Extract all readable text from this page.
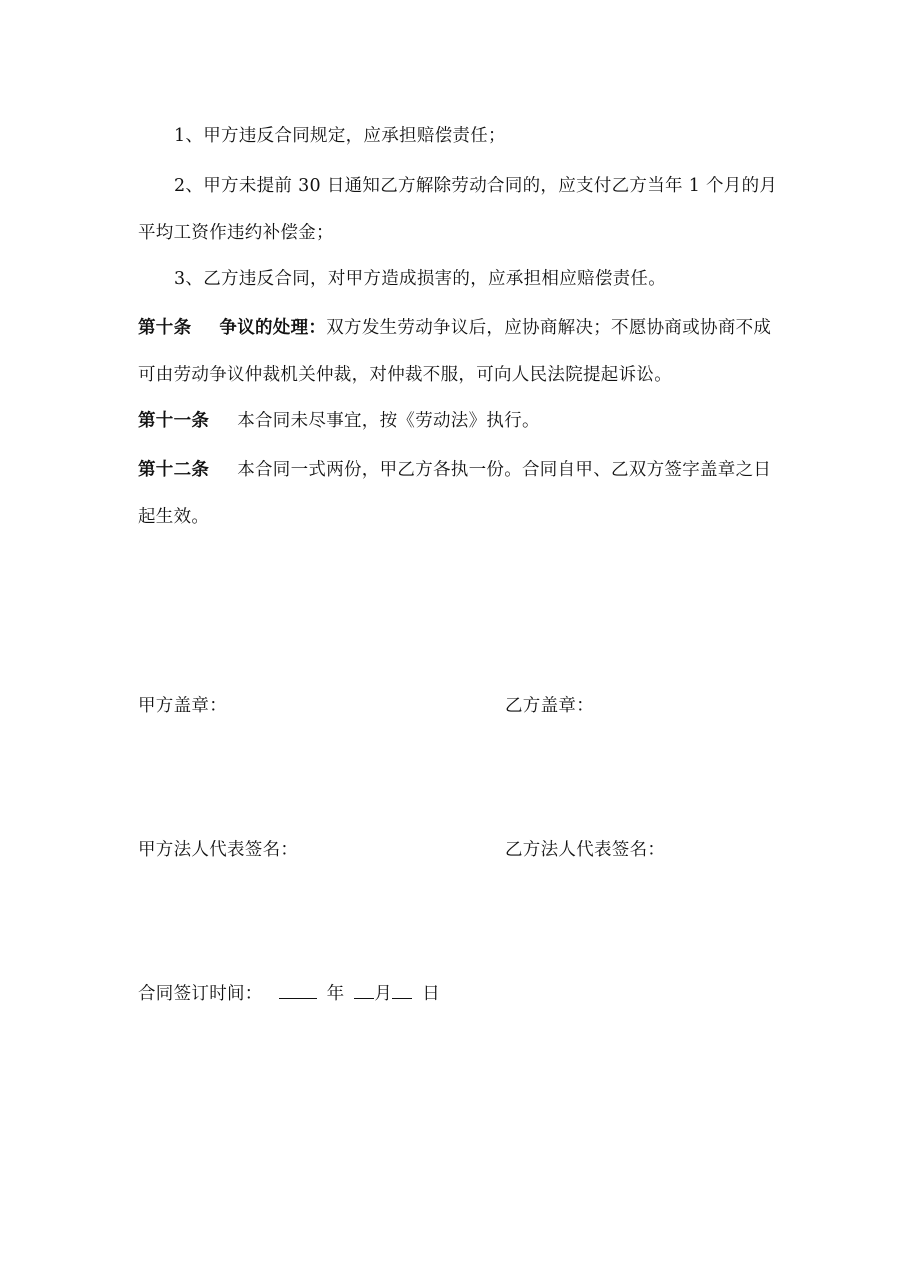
1、甲方违反合同规定，应承担赔偿责任；
2、甲方未提前 30 日通知乙方解除劳动合同的，应支付乙方当年 1 个月的月
平均工资作违约补偿金；
3、乙方违反合同，对甲方造成损害的，应承担相应赔偿责任。
第十条 争议的处理：双方发生劳动争议后，应协商解决；不愿协商或协商不成
可由劳动争议仲裁机关仲裁，对仲裁不服，可向人民法院提起诉讼。
第十一条 本合同未尽事宜，按《劳动法》执行。
第十二条 本合同一式两份，甲乙方各执一份。合同自甲、乙双方签字盖章之日
起生效。
甲方盖章：	乙方盖章：
甲方法人代表签名：	乙方法人代表签名：
合同签订时间：	年 月 日
